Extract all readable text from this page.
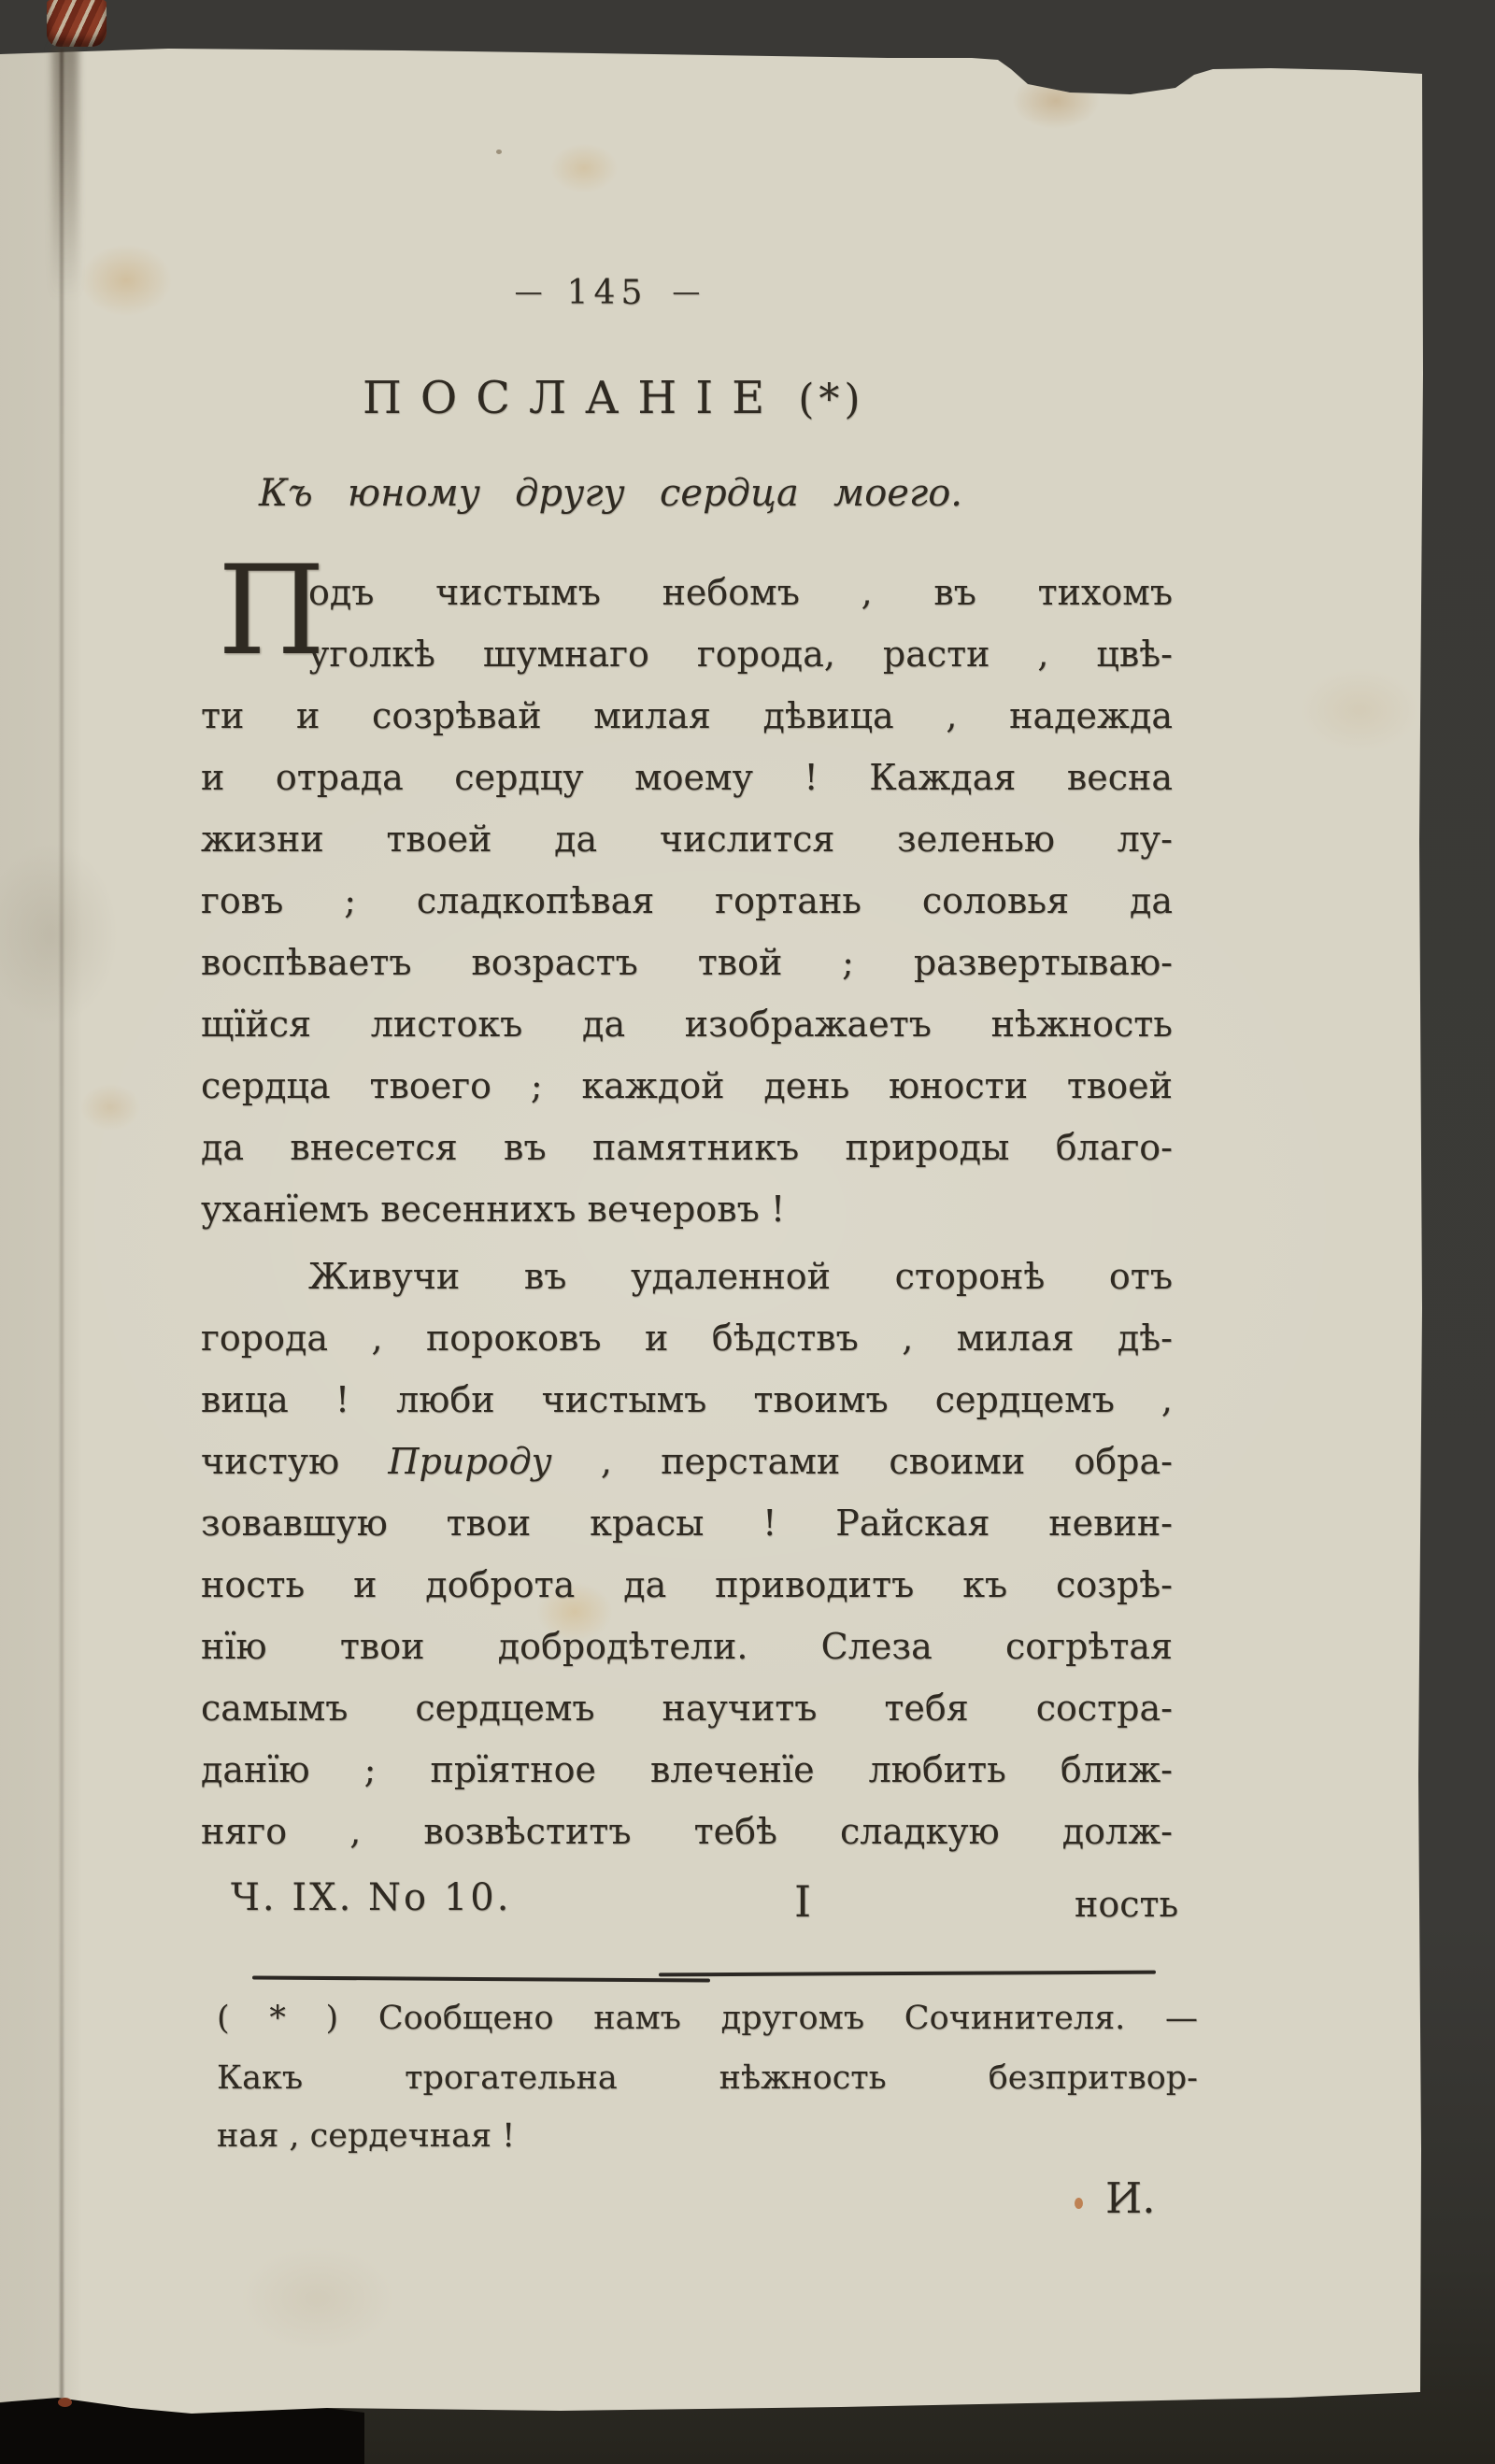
— 145 —
ПОСЛАНІЕ (*)
Къ юному другу сердца моего.
П
одъ чистымъ небомъ , въ тихомъ
уголкѣ шумнаго города, расти , цвѣ-
ти и созрѣвай милая дѣвица , надежда
и отрада сердцу моему ! Каждая весна
жизни твоей да числится зеленью лу-
говъ ; сладкопѣвая гортань соловья да
воспѣваетъ возрастъ твой ; развертываю-
щїйся листокъ да изображаетъ нѣжность
сердца твоего ; каждой день юности твоей
да внесется въ памятникъ природы благо-
уханїемъ весеннихъ вечеровъ !
Живучи въ удаленной сторонѣ отъ
города , пороковъ и бѣдствъ , милая дѣ-
вица ! люби чистымъ твоимъ сердцемъ ,
чистую Природу , перстами своими обра-
зовавшую твои красы ! Райская невин-
ность и доброта да приводитъ къ созрѣ-
нїю твои добродѣтели. Слеза согрѣтая
самымъ сердцемъ научитъ тебя состра-
данїю ; прїятное влеченїе любить ближ-
няго , возвѣститъ тебѣ сладкую долж-
Ч. IX. No 10.	I	ность
( * ) Сообщено намъ другомъ Сочинителя. —
Какъ трогательна нѣжность безпритвор-
ная , сердечная !
И.
